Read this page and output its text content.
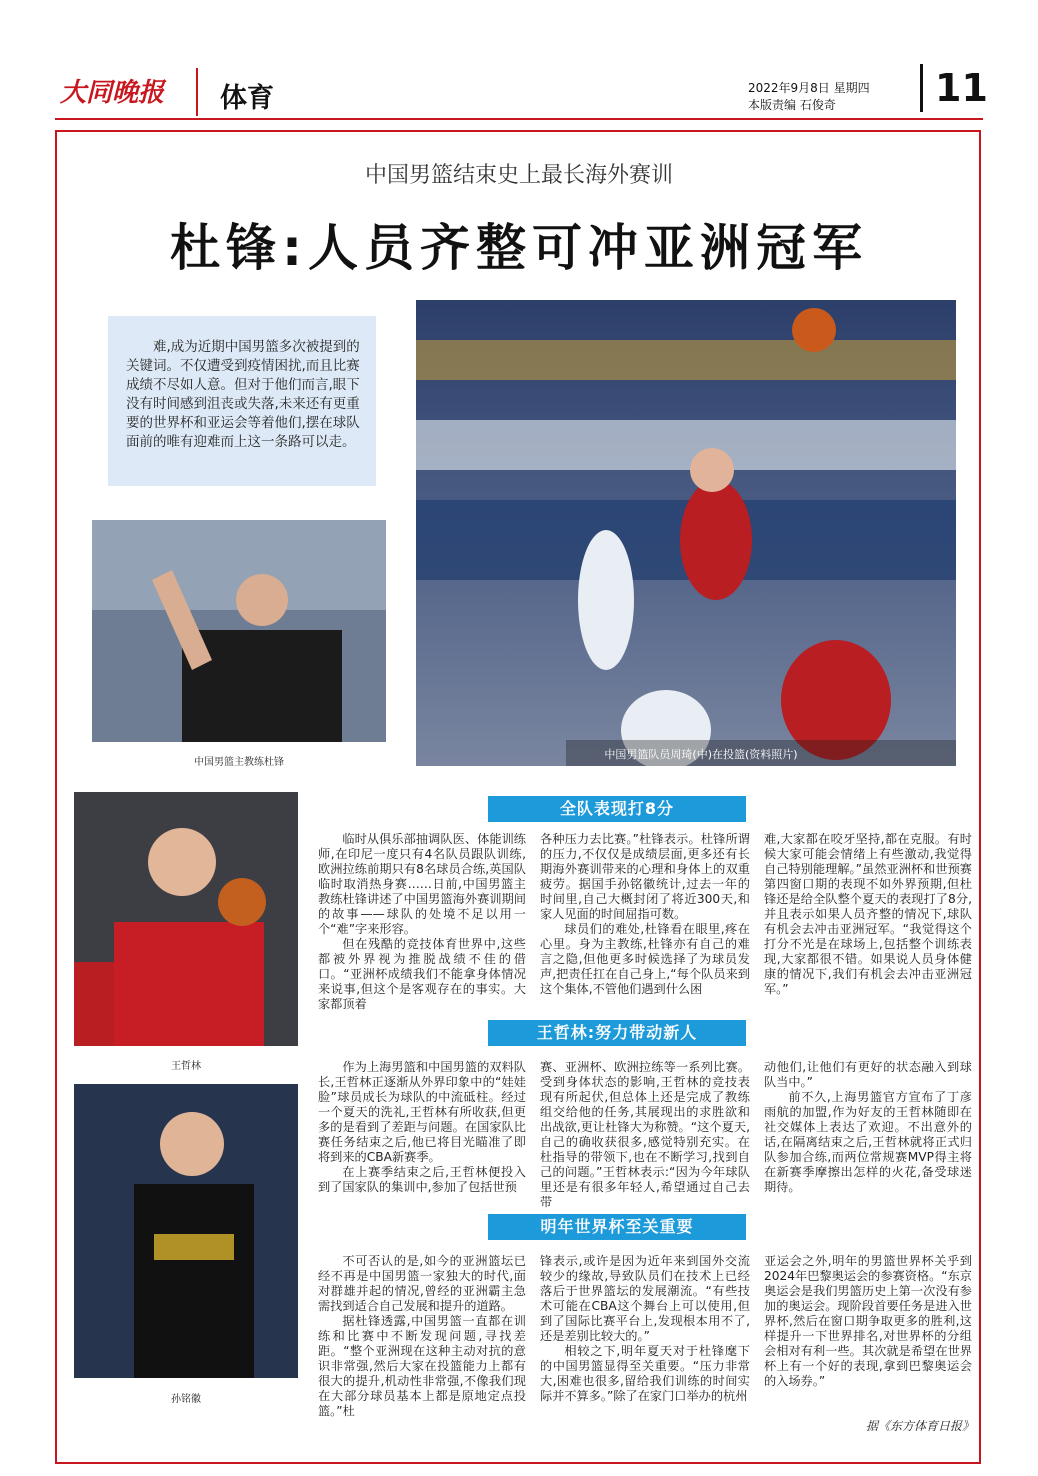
大同晚报	体育	2022年9月8日 星期四
本版责编 石俊奇	11
中国男篮结束史上最长海外赛训
杜锋:人员齐整可冲亚洲冠军
难,成为近期中国男篮多次被提到的关键词。不仅遭受到疫情困扰,而且比赛成绩不尽如人意。但对于他们而言,眼下没有时间感到沮丧或失落,未来还有更重要的世界杯和亚运会等着他们,摆在球队面前的唯有迎难而上这一条路可以走。
中国男篮队员周琦(中)在投篮(资料照片)
中国男篮主教练杜锋
王哲林
孙铭徽
全队表现打8分

临时从俱乐部抽调队医、体能训练师,在印尼一度只有4名队员跟队训练,欧洲拉练前期只有8名球员合练,英国队临时取消热身赛……日前,中国男篮主教练杜锋讲述了中国男篮海外赛训期间的故事——球队的处境不足以用一个“难”字来形容。

但在残酷的竞技体育世界中,这些都被外界视为推脱战绩不佳的借口。“亚洲杯成绩我们不能拿身体情况来说事,但这个是客观存在的事实。大家都顶着

各种压力去比赛。”杜锋表示。杜锋所谓的压力,不仅仅是成绩层面,更多还有长期海外赛训带来的心理和身体上的双重疲劳。据国手孙铭徽统计,过去一年的时间里,自己大概封闭了将近300天,和家人见面的时间屈指可数。

球员们的难处,杜锋看在眼里,疼在心里。身为主教练,杜锋亦有自己的难言之隐,但他更多时候选择了为球员发声,把责任扛在自己身上,“每个队员来到这个集体,不管他们遇到什么困

难,大家都在咬牙坚持,都在克服。有时候大家可能会情绪上有些激动,我觉得自己特别能理解。”虽然亚洲杯和世预赛第四窗口期的表现不如外界预期,但杜锋还是给全队整个夏天的表现打了8分,并且表示如果人员齐整的情况下,球队有机会去冲击亚洲冠军。“我觉得这个打分不光是在球场上,包括整个训练表现,大家都很不错。如果说人员身体健康的情况下,我们有机会去冲击亚洲冠军。”

王哲林:努力带动新人

作为上海男篮和中国男篮的双料队长,王哲林正逐渐从外界印象中的“娃娃脸”球员成长为球队的中流砥柱。经过一个夏天的洗礼,王哲林有所收获,但更多的是看到了差距与问题。在国家队比赛任务结束之后,他已将目光瞄准了即将到来的CBA新赛季。

在上赛季结束之后,王哲林便投入到了国家队的集训中,参加了包括世预

赛、亚洲杯、欧洲拉练等一系列比赛。受到身体状态的影响,王哲林的竞技表现有所起伏,但总体上还是完成了教练组交给他的任务,其展现出的求胜欲和出战欲,更让杜锋大为称赞。“这个夏天,自己的确收获很多,感觉特别充实。在杜指导的带领下,也在不断学习,找到自己的问题。”王哲林表示:“因为今年球队里还是有很多年轻人,希望通过自己去带

动他们,让他们有更好的状态融入到球队当中。”

前不久,上海男篮官方宣布了丁彦雨航的加盟,作为好友的王哲林随即在社交媒体上表达了欢迎。不出意外的话,在隔离结束之后,王哲林就将正式归队参加合练,而两位常规赛MVP得主将在新赛季摩擦出怎样的火花,备受球迷期待。

明年世界杯至关重要

不可否认的是,如今的亚洲篮坛已经不再是中国男篮一家独大的时代,面对群雄并起的情况,曾经的亚洲霸主急需找到适合自己发展和提升的道路。

据杜锋透露,中国男篮一直都在训练和比赛中不断发现问题,寻找差距。“整个亚洲现在这种主动对抗的意识非常强,然后大家在投篮能力上都有很大的提升,机动性非常强,不像我们现在大部分球员基本上都是原地定点投篮。”杜

锋表示,或许是因为近年来到国外交流较少的缘故,导致队员们在技术上已经落后于世界篮坛的发展潮流。“有些技术可能在CBA这个舞台上可以使用,但到了国际比赛平台上,发现根本用不了,还是差别比较大的。”

相较之下,明年夏天对于杜锋麾下的中国男篮显得至关重要。“压力非常大,困难也很多,留给我们训练的时间实际并不算多。”除了在家门口举办的杭州

亚运会之外,明年的男篮世界杯关乎到2024年巴黎奥运会的参赛资格。“东京奥运会是我们男篮历史上第一次没有参加的奥运会。现阶段首要任务是进入世界杯,然后在窗口期争取更多的胜利,这样提升一下世界排名,对世界杯的分组会相对有利一些。其次就是希望在世界杯上有一个好的表现,拿到巴黎奥运会的入场券。”

据《东方体育日报》
